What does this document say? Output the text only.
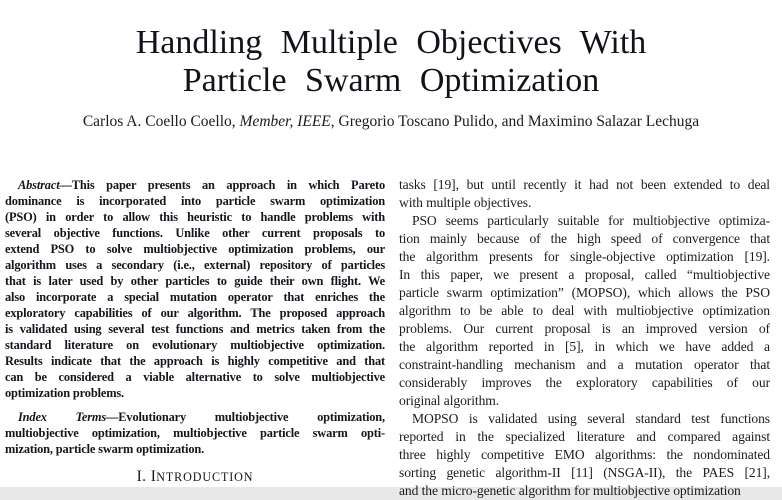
Handling Multiple Objectives With
Particle Swarm Optimization
Carlos A. Coello Coello, Member, IEEE, Gregorio Toscano Pulido, and Maximino Salazar Lechuga
Abstract—This paper presents an approach in which Pareto
dominance is incorporated into particle swarm optimization
(PSO) in order to allow this heuristic to handle problems with
several objective functions. Unlike other current proposals to
extend PSO to solve multiobjective optimization problems, our
algorithm uses a secondary (i.e., external) repository of particles
that is later used by other particles to guide their own flight. We
also incorporate a special mutation operator that enriches the
exploratory capabilities of our algorithm. The proposed approach
is validated using several test functions and metrics taken from the
standard literature on evolutionary multiobjective optimization.
Results indicate that the approach is highly competitive and that
can be considered a viable alternative to solve multiobjective
optimization problems.
Index Terms—Evolutionary multiobjective optimization,
multiobjective optimization, multiobjective particle swarm opti-
mization, particle swarm optimization.
I. INTRODUCTION
tasks [19], but until recently it had not been extended to deal
with multiple objectives.
PSO seems particularly suitable for multiobjective optimiza-
tion mainly because of the high speed of convergence that
the algorithm presents for single-objective optimization [19].
In this paper, we present a proposal, called “multiobjective
particle swarm optimization” (MOPSO), which allows the PSO
algorithm to be able to deal with multiobjective optimization
problems. Our current proposal is an improved version of
the algorithm reported in [5], in which we have added a
constraint-handling mechanism and a mutation operator that
considerably improves the exploratory capabilities of our
original algorithm.
MOPSO is validated using several standard test functions
reported in the specialized literature and compared against
three highly competitive EMO algorithms: the nondominated
sorting genetic algorithm-II [11] (NSGA-II), the PAES [21],
and the micro-genetic algorithm for multiobjective optimization
